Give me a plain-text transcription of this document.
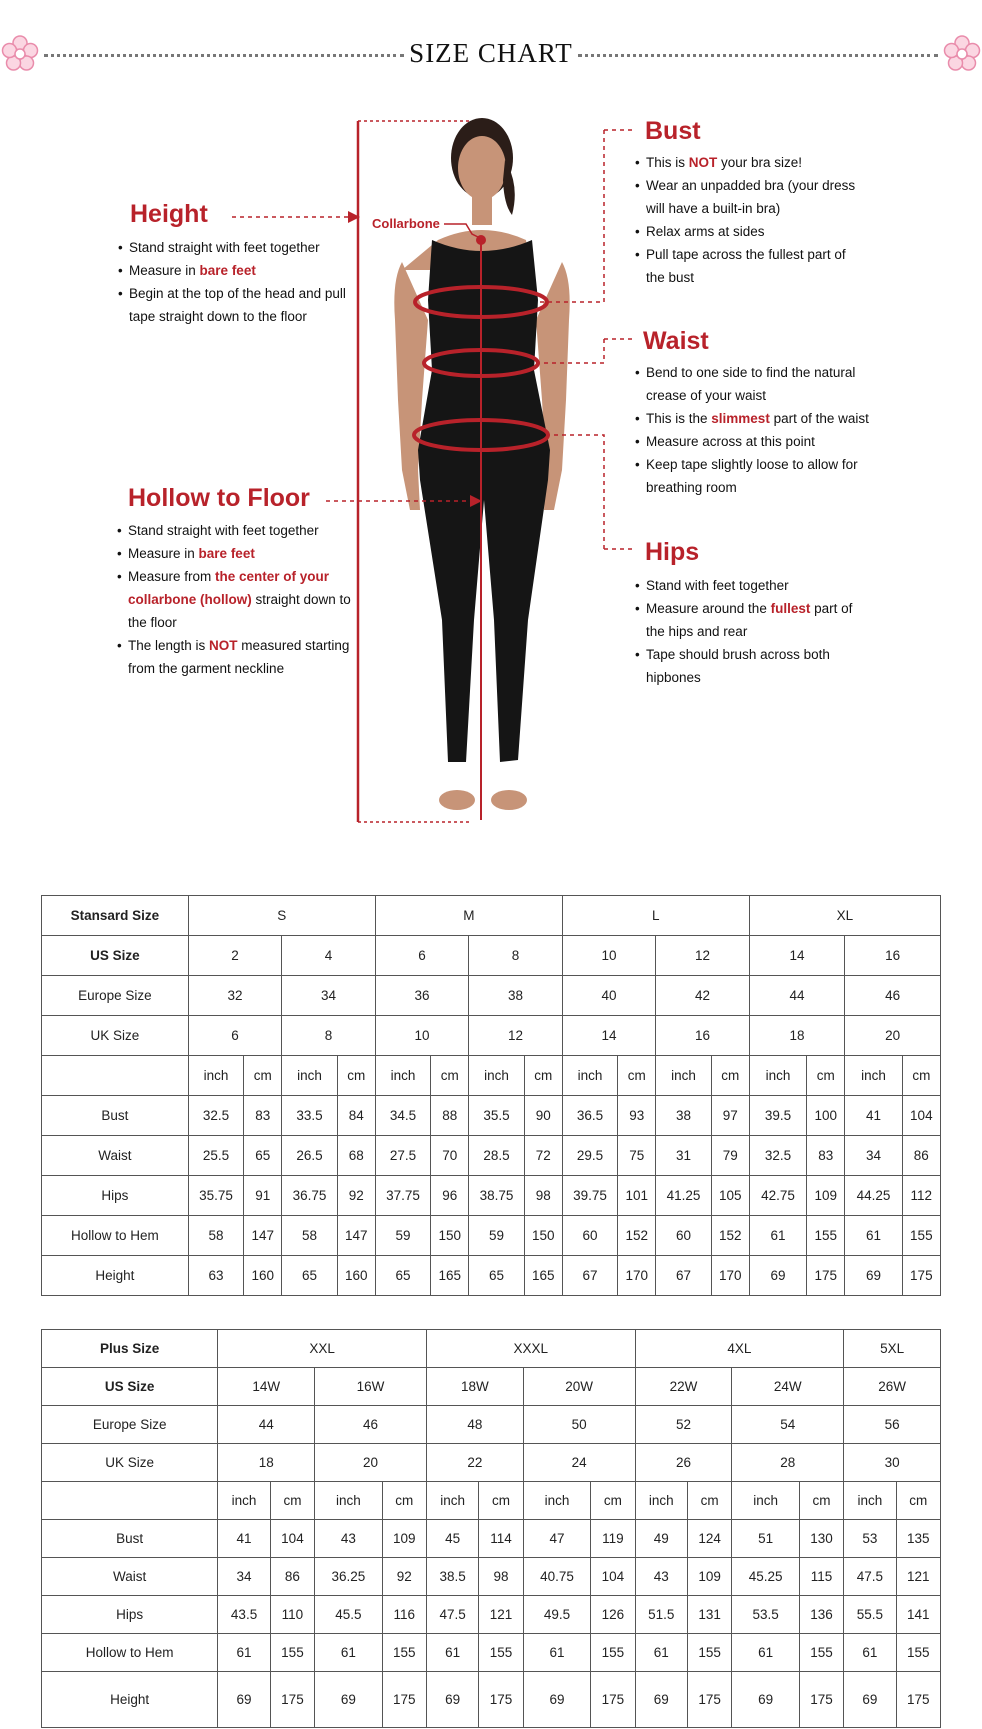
SIZE CHART
Collarbone
Height
• Stand straight with feet together
• Measure in bare feet
• Begin at the top of the head and pull tape straight down to the floor
Hollow to Floor
• Stand straight with feet together
• Measure in bare feet
• Measure from the center of your collarbone (hollow) straight down to the floor
• The length is NOT measured starting from the garment neckline
Bust
• This is NOT your bra size!
• Wear an unpadded bra (your dress will have a built-in bra)
• Relax arms at sides
• Pull tape across the fullest part of the bust
Waist
• Bend to one side to find the natural crease of your waist
• This is the slimmest part of the waist
• Measure across at this point
• Keep tape slightly loose to allow for breathing room
Hips
• Stand with feet together
• Measure around the fullest part of the hips and rear
• Tape should brush across both hipbones
Stansard Size	S				M				L				XL			
US Size	2		4		6		8		10		12		14		16	
Europe Size	32		34		36		38		40		42		44		46	
UK Size	6		8		10		12		14		16		18		20	
	inch	cm	inch	cm	inch	cm	inch	cm	inch	cm	inch	cm	inch	cm	inch	cm
Bust	32.5	83	33.5	84	34.5	88	35.5	90	36.5	93	38	97	39.5	100	41	104
Waist	25.5	65	26.5	68	27.5	70	28.5	72	29.5	75	31	79	32.5	83	34	86
Hips	35.75	91	36.75	92	37.75	96	38.75	98	39.75	101	41.25	105	42.75	109	44.25	112
Hollow to Hem	58	147	58	147	59	150	59	150	60	152	60	152	61	155	61	155
Height	63	160	65	160	65	165	65	165	67	170	67	170	69	175	69	175
Plus Size	XXL				XXXL				4XL				5XL	
US Size	14W		16W		18W		20W		22W		24W		26W	
Europe Size	44		46		48		50		52		54		56	
UK Size	18		20		22		24		26		28		30	
	inch	cm	inch	cm	inch	cm	inch	cm	inch	cm	inch	cm	inch	cm
Bust	41	104	43	109	45	114	47	119	49	124	51	130	53	135
Waist	34	86	36.25	92	38.5	98	40.75	104	43	109	45.25	115	47.5	121
Hips	43.5	110	45.5	116	47.5	121	49.5	126	51.5	131	53.5	136	55.5	141
Hollow to Hem	61	155	61	155	61	155	61	155	61	155	61	155	61	155
Height	69	175	69	175	69	175	69	175	69	175	69	175	69	175
